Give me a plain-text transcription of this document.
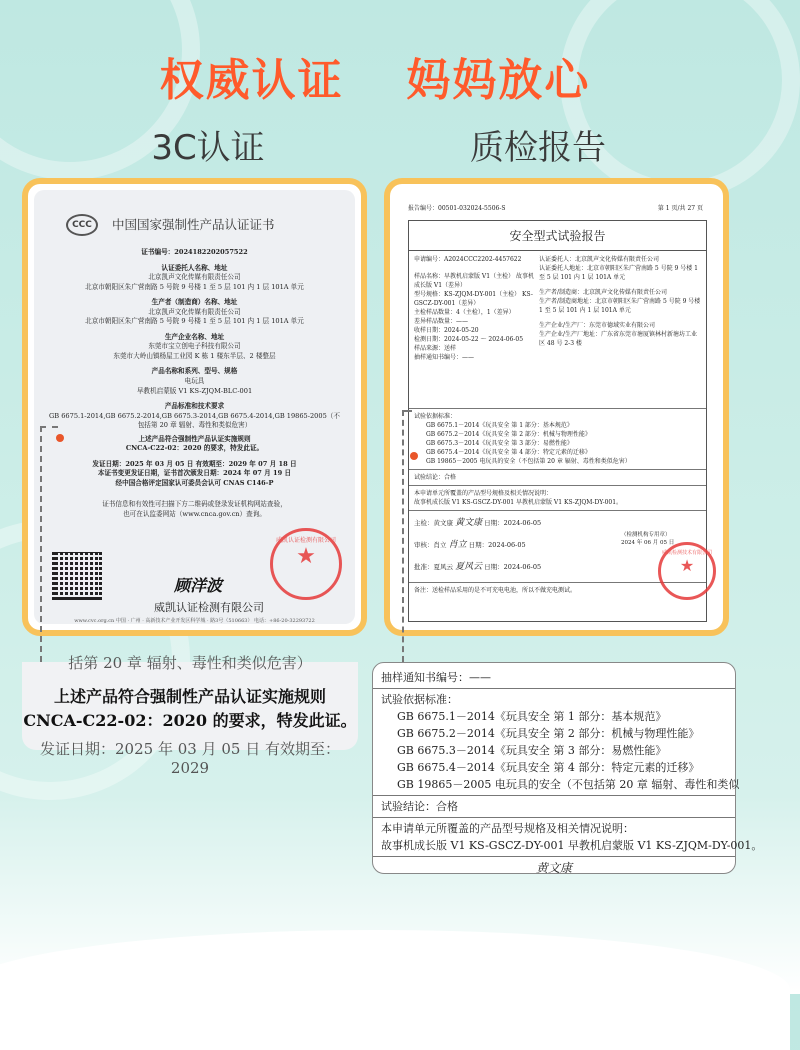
权威认证 妈妈放心
3C认证	质检报告
CCC	中国国家强制性产品认证证书
证书编号：2024182202057522
认证委托人名称、地址
北京凯声文化传媒有限责任公司
北京市朝阳区朱广营南路 5 号院 9 号楼 1 至 5 层 101 内 1 层 101A 单元
生产者（制造商）名称、地址
北京凯声文化传媒有限责任公司
北京市朝阳区朱广营南路 5 号院 9 号楼 1 至 5 层 101 内 1 层 101A 单元
生产企业名称、地址
东莞市宝立创电子科技有限公司
东莞市大岭山镇杨屋工业园 K 栋 1 楼东半层、2 楼整层
产品名称和系列、型号、规格
电玩具
早教机启蒙版 V1 KS-ZJQM-BLC-001
产品标准和技术要求
GB 6675.1-2014,GB 6675.2-2014,GB 6675.3-2014,GB 6675.4-2014,GB 19865-2005（不包括第 20 章 辐射、毒性和类似危害）
上述产品符合强制性产品认证实施规则
CNCA-C22-02：2020 的要求，特发此证。
发证日期：2025 年 03 月 05 日 有效期至：2029 年 07 月 18 日
本证书变更发证日期，证书首次颁发日期：2024 年 07 月 19 日
经中国合格评定国家认可委员会认可 CNAS C146-P
证书信息和有效性可扫描下方二维码或登录发证机构网站查验，
也可在认监委网站（www.cnca.gov.cn）查询。
顾洋波
威凯认证检测有限公司
www.cvc.org.cn 中国 · 广州 · 高新技术产业开发区科学城 · 路3号（510663） 电话：+86-20-32293722
威凯认证检测有限公司
★
报告编号：00501-032024-5506-S	第 1 页/共 27 页
安全型式试验报告
申请编号：A2024CCC2202-4457622
样品名称：早教机启蒙版 V1（主检） 故事机成长版 V1（差异）
型号规格：KS-ZJQM-DY-001（主检） KS-GSCZ-DY-001（差异）
主检样品数量：4（主检），1（差异）
差异样品数量：——
收样日期：2024-05-20
检测日期：2024-05-22 ～ 2024-06-05
样品来源：送样
抽样通知书编号：——
认证委托人：北京凯声文化传媒有限责任公司
认证委托人地址：北京市朝阳区朱广营南路 5 号院 9 号楼 1 至 5 层 101 内 1 层 101A 单元
生产者/制造商：北京凯声文化传媒有限责任公司
生产者/制造商地址：北京市朝阳区朱广营南路 5 号院 9 号楼 1 至 5 层 101 内 1 层 101A 单元
生产企业/生产厂：东莞市德域实业有限公司
生产企业/生产厂地址：广东省东莞市塘厦镇林村新塘坊工业区 48 号 2-3 楼
试验依据标准：
GB 6675.1－2014《玩具安全 第 1 部分：基本规范》
GB 6675.2－2014《玩具安全 第 2 部分：机械与物理性能》
GB 6675.3－2014《玩具安全 第 3 部分：易燃性能》
GB 6675.4－2014《玩具安全 第 4 部分：特定元素的迁移》
GB 19865－2005 电玩具的安全（不包括第 20 章 辐射、毒性和类似危害）
试验结论：合格
本申请单元所覆盖的产品型号规格及相关情况说明：
故事机成长版 V1 KS-GSCZ-DY-001 早教机启蒙版 V1 KS-ZJQM-DY-001。
主检：黄文康 黄文康 日期：2024-06-05
审核：肖立 肖立 日期：2024-06-05
批准：夏风云 夏风云 日期：2024-06-05
（检测机构专用章）
2024 年 06 月 05 日
备注：送检样品采用的是不可充电电池，所以不做充电测试。
威凯检测技术有限公司
★
括第 20 章 辐射、毒性和类似危害）
上述产品符合强制性产品认证实施规则
CNCA-C22-02：2020 的要求，特发此证。
发证日期：2025 年 03 月 05 日 有效期至：2029
抽样通知书编号：——
试验依据标准：
GB 6675.1－2014《玩具安全 第 1 部分：基本规范》
GB 6675.2－2014《玩具安全 第 2 部分：机械与物理性能》
GB 6675.3－2014《玩具安全 第 3 部分：易燃性能》
GB 6675.4－2014《玩具安全 第 4 部分：特定元素的迁移》
GB 19865－2005 电玩具的安全（不包括第 20 章 辐射、毒性和类似
试验结论：合格
本申请单元所覆盖的产品型号规格及相关情况说明：
故事机成长版 V1 KS-GSCZ-DY-001 早教机启蒙版 V1 KS-ZJQM-DY-001。
黄文康
